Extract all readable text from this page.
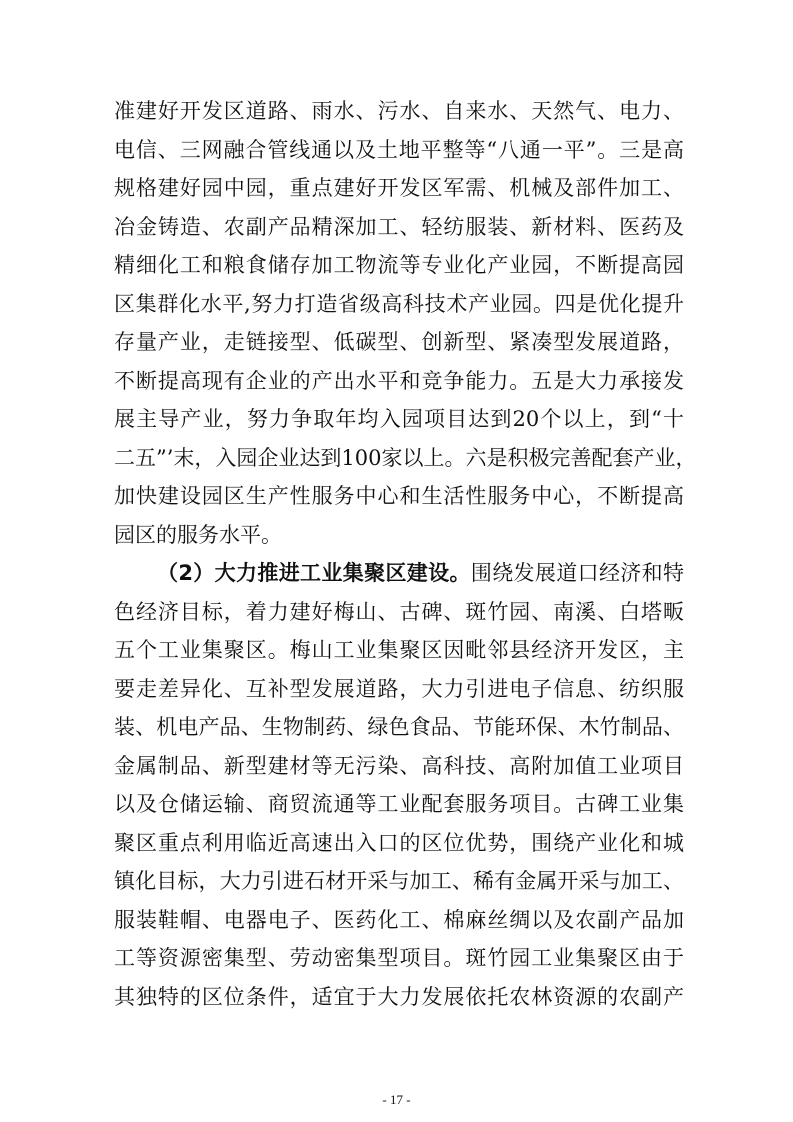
准建好开发区道路、雨水、污水、自来水、天然气、电力、
电信、三网融合管线通以及土地平整等“八通一平”。三是高
规格建好园中园，重点建好开发区军需、机械及部件加工、
冶金铸造、农副产品精深加工、轻纺服装、新材料、医药及
精细化工和粮食储存加工物流等专业化产业园，不断提高园
区集群化水平,努力打造省级高科技术产业园。四是优化提升
存量产业，走链接型、低碳型、创新型、紧凑型发展道路，
不断提高现有企业的产出水平和竞争能力。五是大力承接发
展主导产业，努力争取年均入园项目达到20个以上，到“十
二五”’末，入园企业达到100家以上。六是积极完善配套产业，
加快建设园区生产性服务中心和生活性服务中心，不断提高
园区的服务水平。
（2）大力推进工业集聚区建设。围绕发展道口经济和特
色经济目标，着力建好梅山、古碑、斑竹园、南溪、白塔畈
五个工业集聚区。梅山工业集聚区因毗邻县经济开发区，主
要走差异化、互补型发展道路，大力引进电子信息、纺织服
装、机电产品、生物制药、绿色食品、节能环保、木竹制品、
金属制品、新型建材等无污染、高科技、高附加值工业项目
以及仓储运输、商贸流通等工业配套服务项目。古碑工业集
聚区重点利用临近高速出入口的区位优势，围绕产业化和城
镇化目标，大力引进石材开采与加工、稀有金属开采与加工、
服装鞋帽、电器电子、医药化工、棉麻丝绸以及农副产品加
工等资源密集型、劳动密集型项目。斑竹园工业集聚区由于
其独特的区位条件，适宜于大力发展依托农林资源的农副产
- 17 -
